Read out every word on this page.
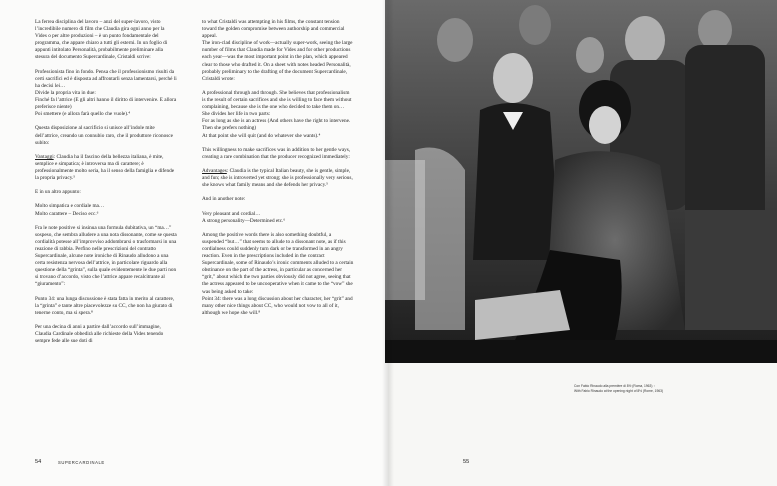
La ferrea disciplina del lavoro – anzi del super-lavoro, visto l’incredibile numero di film che Claudia gira ogni anno per la Vides o per altre produzioni – è un punto fondamentale del programma, che appare chiaro a tutti gli esterni. In un foglio di appunti intitolato Personalità, probabilmente preliminare alla stesura del documento Supercardinale, Cristaldi scrive:

Professionista fino in fondo. Pensa che il professionismo risulti da certi sacrifici ed è disposta ad affrontarli senza lamentarsi, perché li ha decisi lei…
Divide la propria vita in due:
Finché fa l’attrice (E gli altri hanno il diritto di intervenire. E allora preferisce niente)
Poi smettere (e allora farà quello che vuole).⁴

Questa disposizione al sacrificio si unisce all’indole mite dell’attrice, creando un connubio raro, che il produttore riconosce subito:

Vantaggi: Claudia ha il fascino della bellezza italiana, è mite, semplice e simpatica; è introversa ma di carattere; è professionalmente molto seria, ha il senso della famiglia e difende la propria privacy.⁵

E in un altro appunto:

Molto simpatica e cordiale ma…
Molto carattere – Deciso ecc.⁶

Fra le note positive si insinua una formula dubitativa, un “ma…” sospeso, che sembra alludere a una nota dissonante, come se questa cordialità potesse all’improvviso addombrarsi o trasformarsi in una reazione di rabbia. Perfino nelle prescrizioni del contratto Supercardinale, alcune note ironiche di Rinaudo alludono a una certa resistenza nervosa dell’attrice, in particolare riguardo alla questione della “grinta”, sulla quale evidentemente le due parti non si trovano d’accordo, visto che l’attrice appare recalcitrante al “giuramento”:

Punto 34: una lunga discussione è stata fatta in merito al carattere, la “grinta” e tante altre piacevolezze su CC, che non ha giurato di tenerne conto, ma si spera.⁸

Per una decina di anni a partire dall’accordo sull’immagine, Claudia Cardinale obbedirà alle richieste della Vides tenendo sempre fede alle sue doti di

to what Cristaldi was attempting in his films, the constant tension toward the golden compromise between authorship and commercial appeal.
The iron-clad discipline of work—actually super-work, seeing the large number of films that Claudia made for Vides and for other productions each year—was the most important point in the plan, which appeared clear to those who drafted it. On a sheet with notes headed Personalità, probably preliminary to the drafting of the document Supercardinale, Cristaldi wrote:

A professional through and through. She believes that professionalism is the result of certain sacrifices and she is willing to face them without complaining, because she is the one who decided to take them on…
She divides her life in two parts:
For as long as she is an actress (And others have the right to intervene. Then she prefers nothing)
At that point she will quit (and do whatever she wants).⁴

This willingness to make sacrifices was in addition to her gentle ways, creating a rare combination that the producer recognized immediately:

Advantages: Claudia is the typical Italian beauty, she is gentle, simple, and fun; she is introverted yet strong; she is professionally very serious, she knows what family means and she defends her privacy.⁵

And in another note:

Very pleasant and cordial…
A strong personality—Determined etc.⁶

Among the positive words there is also something doubtful, a suspended “but…” that seems to allude to a dissonant note, as if this cordialness could suddenly turn dark or be transformed in an angry reaction. Even in the prescriptions included in the contract Supercardinale, some of Rinaudo’s ironic comments alluded to a certain obstinance on the part of the actress, in particular as concerned her “grit,” about which the two parties obviously did not agree, seeing that the actress appeared to be uncooperative when it came to the “vow” she was being asked to take:
Point 34: there was a long discussion about her character, her “grit” and many other nice things about CC, who would not vow to all of it, although we hope she will.⁸

54	SUPERCARDINALE	55
Con Fabio Rinaudo alla première di 8½ (Roma, 1963) ↑
With Fabio Rinaudo at the opening night of 8½ (Rome, 1963)
